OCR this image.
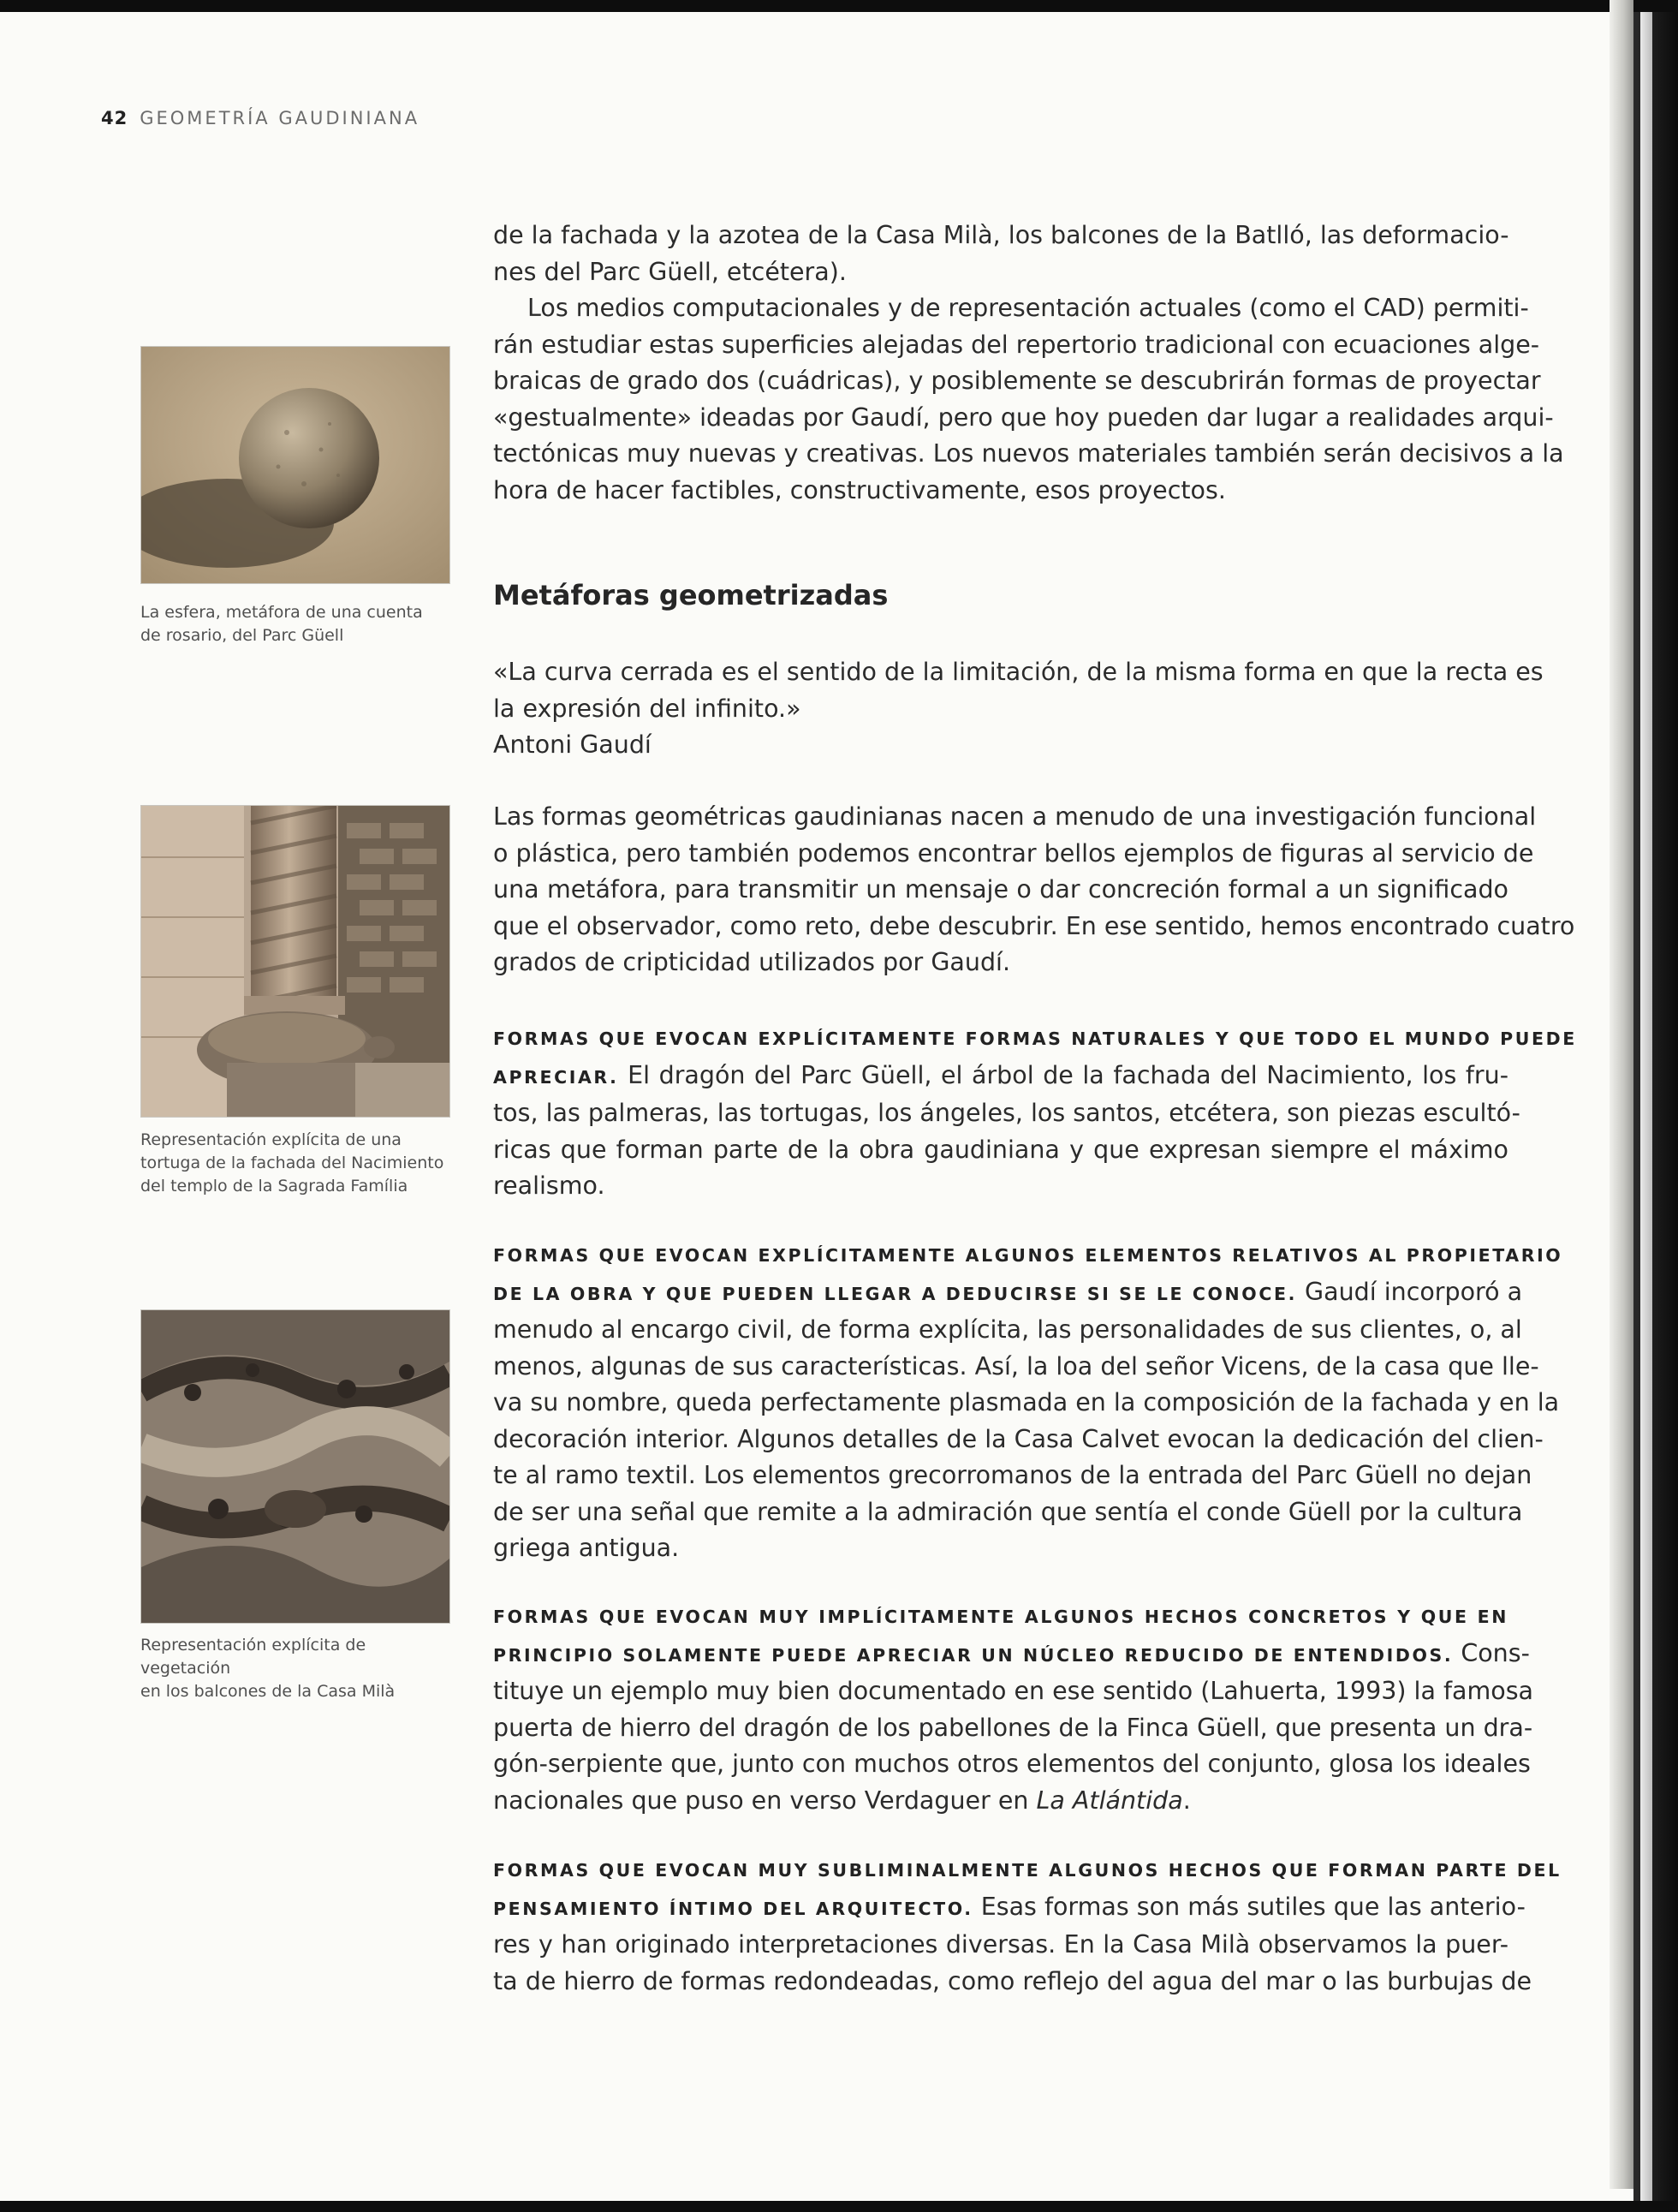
42 GEOMETRÍA GAUDINIANA
La esfera, metáfora de una cuenta
de rosario, del Parc Güell
Representación explícita de una
tortuga de la fachada del Nacimiento
del templo de la Sagrada Família
Representación explícita de vegetación
en los balcones de la Casa Milà
de la fachada y la azotea de la Casa Milà, los balcones de la Batlló, las deformacio-
nes del Parc Güell, etcétera).
Los medios computacionales y de representación actuales (como el CAD) permiti-
rán estudiar estas superficies alejadas del repertorio tradicional con ecuaciones alge-
braicas de grado dos (cuádricas), y posiblemente se descubrirán formas de proyectar
«gestualmente» ideadas por Gaudí, pero que hoy pueden dar lugar a realidades arqui-
tectónicas muy nuevas y creativas. Los nuevos materiales también serán decisivos a la
hora de hacer factibles, constructivamente, esos proyectos.
Metáforas geometrizadas
«La curva cerrada es el sentido de la limitación, de la misma forma en que la recta es
la expresión del infinito.»
Antoni Gaudí
Las formas geométricas gaudinianas nacen a menudo de una investigación funcional
o plástica, pero también podemos encontrar bellos ejemplos de figuras al servicio de
una metáfora, para transmitir un mensaje o dar concreción formal a un significado
que el observador, como reto, debe descubrir. En ese sentido, hemos encontrado cuatro
grados de cripticidad utilizados por Gaudí.
FORMAS QUE EVOCAN EXPLÍCITAMENTE FORMAS NATURALES Y QUE TODO EL MUNDO PUEDE
APRECIAR. El dragón del Parc Güell, el árbol de la fachada del Nacimiento, los fru-
tos, las palmeras, las tortugas, los ángeles, los santos, etcétera, son piezas escultó-
ricas que forman parte de la obra gaudiniana y que expresan siempre el máximo
realismo.
FORMAS QUE EVOCAN EXPLÍCITAMENTE ALGUNOS ELEMENTOS RELATIVOS AL PROPIETARIO
DE LA OBRA Y QUE PUEDEN LLEGAR A DEDUCIRSE SI SE LE CONOCE. Gaudí incorporó a
menudo al encargo civil, de forma explícita, las personalidades de sus clientes, o, al
menos, algunas de sus características. Así, la loa del señor Vicens, de la casa que lle-
va su nombre, queda perfectamente plasmada en la composición de la fachada y en la
decoración interior. Algunos detalles de la Casa Calvet evocan la dedicación del clien-
te al ramo textil. Los elementos grecorromanos de la entrada del Parc Güell no dejan
de ser una señal que remite a la admiración que sentía el conde Güell por la cultura
griega antigua.
FORMAS QUE EVOCAN MUY IMPLÍCITAMENTE ALGUNOS HECHOS CONCRETOS Y QUE EN
PRINCIPIO SOLAMENTE PUEDE APRECIAR UN NÚCLEO REDUCIDO DE ENTENDIDOS. Cons-
tituye un ejemplo muy bien documentado en ese sentido (Lahuerta, 1993) la famosa
puerta de hierro del dragón de los pabellones de la Finca Güell, que presenta un dra-
gón-serpiente que, junto con muchos otros elementos del conjunto, glosa los ideales
nacionales que puso en verso Verdaguer en La Atlántida.
FORMAS QUE EVOCAN MUY SUBLIMINALMENTE ALGUNOS HECHOS QUE FORMAN PARTE DEL
PENSAMIENTO ÍNTIMO DEL ARQUITECTO. Esas formas son más sutiles que las anterio-
res y han originado interpretaciones diversas. En la Casa Milà observamos la puer-
ta de hierro de formas redondeadas, como reflejo del agua del mar o las burbujas de
